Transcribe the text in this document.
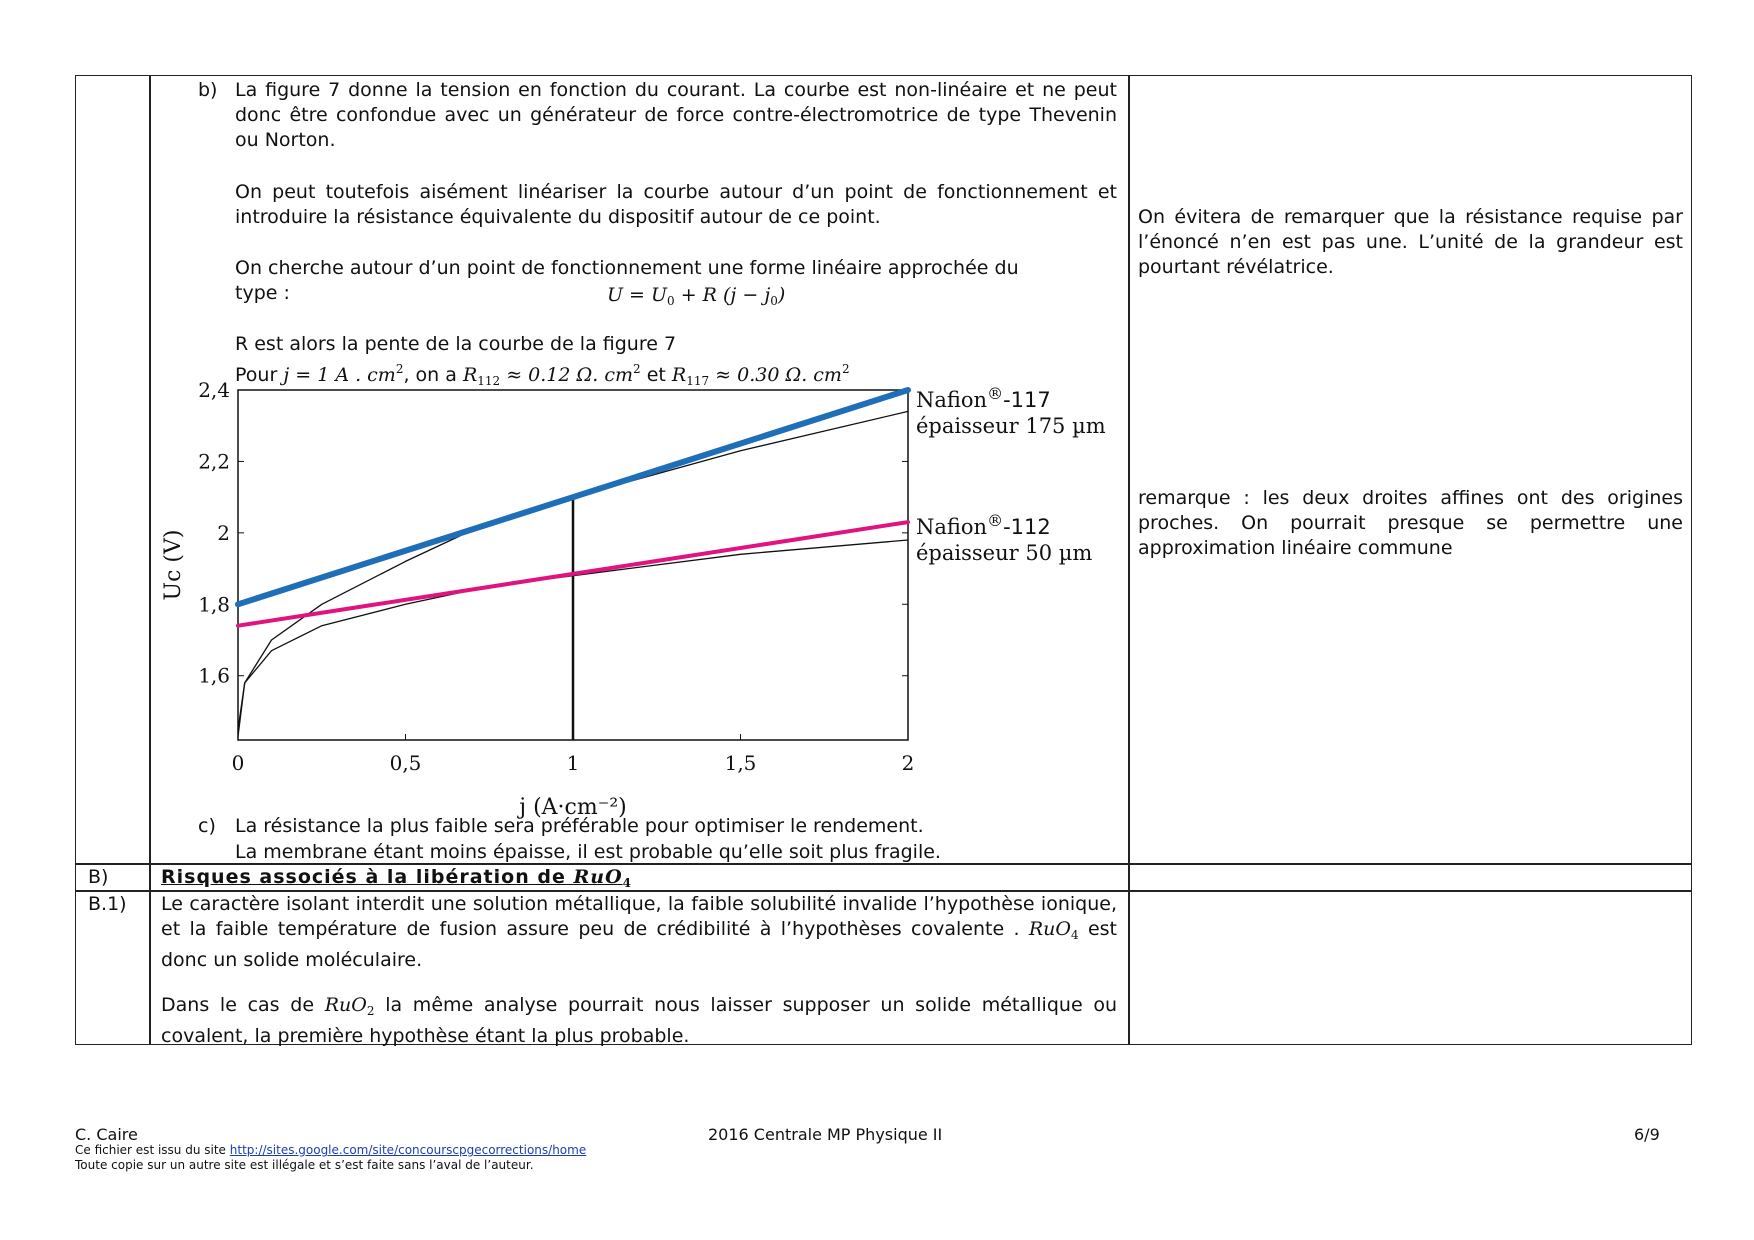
b) La figure 7 donne la tension en fonction du courant. La courbe est non-linéaire et ne peut donc être confondue avec un générateur de force contre-électromotrice de type Thevenin ou Norton.
On peut toutefois aisément linéariser la courbe autour d’un point de fonctionnement et introduire la résistance équivalente du dispositif autour de ce point.
On cherche autour d’un point de fonctionnement une forme linéaire approchée du
type :	$U = U_0 + R$ $(j - j_0)$
R est alors la pente de la courbe de la figure 7
Pour j = 1 A . $cm^2$, on a $R_{112} \approx 0.12$ Ω. $cm^2$ et $R_{117} \approx 0.30$ Ω. $cm^2$
On évitera de remarquer que la résistance requise par l’énoncé n’en est pas une. L’unité de la grandeur est pourtant révélatrice.
remarque : les deux droites affines ont des origines proches. On pourrait presque se permettre une approximation linéaire commune
0	0,5	1	1,5	2
1,6
1,8
2
2,2
2,4
j (A·cm⁻²)
Uc (V)
Nafion®-117
épaisseur 175 µm
Nafion®-112
épaisseur 50 µm
c) La résistance la plus faible sera préférable pour optimiser le rendement.
La membrane étant moins épaisse, il est probable qu’elle soit plus fragile.
B)	Risques associés à la libération de RuO$_4$
B.1) Le caractère isolant interdit une solution métallique, la faible solubilité invalide l’hypothèse ionique, et la faible température de fusion assure peu de crédibilité à l’hypothèses covalente . RuO$_4$ est donc un solide moléculaire.
Dans le cas de RuO$_2$ la même analyse pourrait nous laisser supposer un solide métallique ou covalent, la première hypothèse étant la plus probable.
C. Caire	2016 Centrale MP Physique II	6/9
Ce fichier est issu du site http://sites.google.com/site/concourscpgecorrections/home
Toute copie sur un autre site est illégale et s’est faite sans l’aval de l’auteur.
